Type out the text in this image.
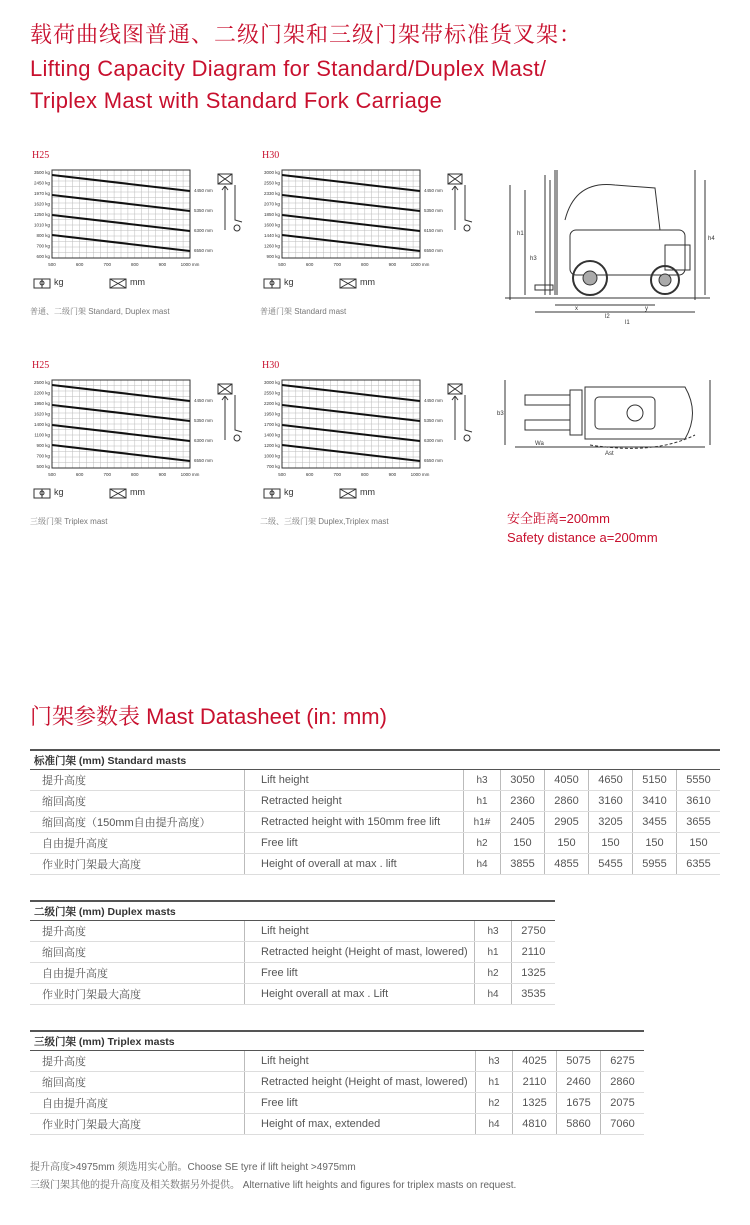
载荷曲线图普通、二级门架和三级门架带标准货叉架：
Lifting Capacity Diagram for Standard/Duplex Mast/
Triplex Mast with Standard Fork Carriage
H25
3500 kg
2450 kg
1970 kg
1620 kg
1250 kg
1010 kg
800 kg
700 kg
600 kg
500	600	700	800	900	1000 mm
4450 mm
5350 mm
6300 mm
6550 mm
kg	mm
普通、二级门架 Standard, Duplex mast
H30
3000 kg
2550 kg
2330 kg
2070 kg
1850 kg
1600 kg
1440 kg
1260 kg
900 kg
500	600	700	800	900	1000 mm
4450 mm
5350 mm
6150 mm
6550 mm
kg	mm
普通门架 Standard mast
H25
2500 kg
2200 kg
1950 kg
1620 kg
1400 kg
1100 kg
900 kg
700 kg
500 kg
500	600	700	800	900	1000 mm
4450 mm
5350 mm
6300 mm
6550 mm
kg	mm
三级门架 Triplex mast
H30
3000 kg
2550 kg
2200 kg
1950 kg
1700 kg
1400 kg
1200 kg
1000 kg
700 kg
500	600	700	800	900	1000 mm
4450 mm
5350 mm
6300 mm
6550 mm
kg	mm
二级、三级门架 Duplex,Triplex mast
h1
h3
h4
l2
y
x
l1
b3
Wa
Ast
安全距离=200mm
Safety distance a=200mm
门架参数表 Mast Datasheet (in: mm)
标准门架 (mm) Standard masts							
提升高度	Lift height	h3	3050	4050	4650	5150	5550
缩回高度	Retracted height	h1	2360	2860	3160	3410	3610
缩回高度（150mm自由提升高度）	Retracted height with 150mm free lift	h1#	2405	2905	3205	3455	3655
自由提升高度	Free lift	h2	150	150	150	150	150
作业时门架最大高度	Height of overall at max . lift	h4	3855	4855	5455	5955	6355
二级门架 (mm) Duplex masts			
提升高度	Lift height	h3	2750
缩回高度	Retracted height (Height of mast, lowered)	h1	2110
自由提升高度	Free lift	h2	1325
作业时门架最大高度	Height overall at max . Lift	h4	3535
三级门架 (mm) Triplex masts					
提升高度	Lift height	h3	4025	5075	6275
缩回高度	Retracted height (Height of mast, lowered)	h1	2110	2460	2860
自由提升高度	Free lift	h2	1325	1675	2075
作业时门架最大高度	Height of max, extended	h4	4810	5860	7060
提升高度>4975mm 须选用实心胎。Choose SE tyre if lift height >4975mm
三级门架其他的提升高度及相关数据另外提供。 Alternative lift heights and figures for triplex masts on request.
